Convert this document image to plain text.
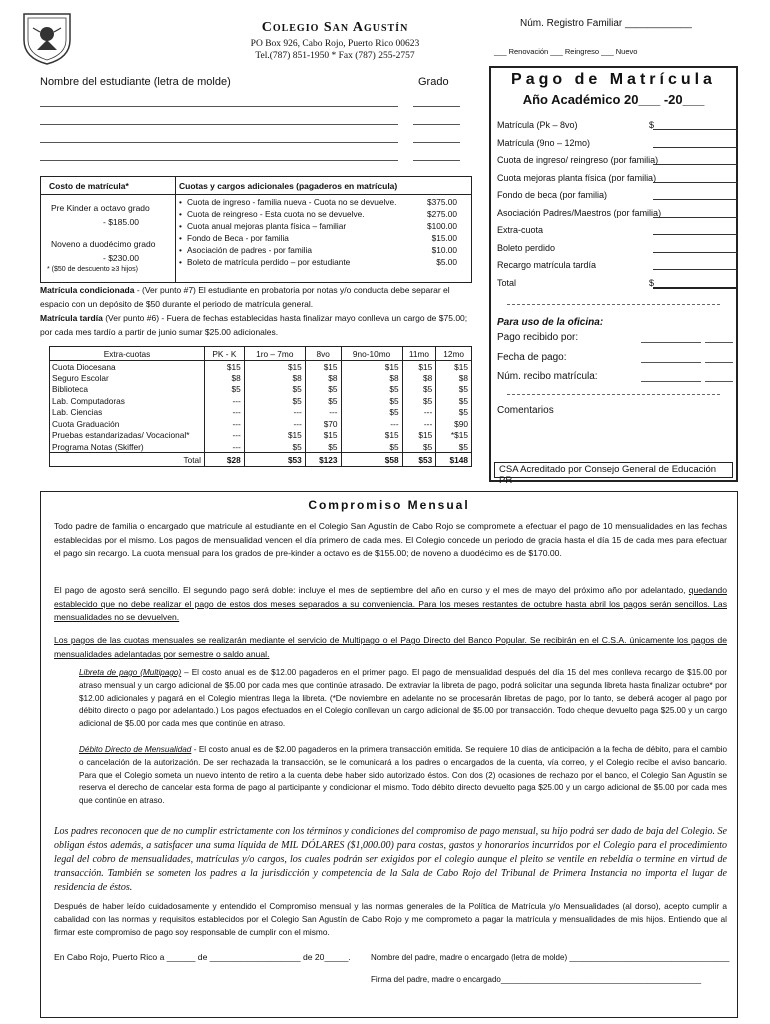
Colegio San Agustín
PO Box 926, Cabo Rojo, Puerto Rico 00623
Tel.(787) 851-1950 * Fax (787) 255-2757
Núm. Registro Familiar ____________
___ Renovación ___ Reingreso ___ Nuevo
Nombre del estudiante (letra de molde)	Grado
Costo de matrícula*	Cuotas y cargos adicionales (pagaderos en matrícula)
Pre Kinder a octavo grado
- $185.00
Noveno a duodécimo grado
- $230.00
* ($50 de descuento ≥3 hijos)
• Cuota de ingreso - familia nueva - Cuota no se devuelve.	$375.00
• Cuota de reingreso - Esta cuota no se devuelve.	$275.00
• Cuota anual mejoras planta física – familiar	$100.00
• Fondo de Beca - por familia	$15.00
• Asociación de padres - por familia	$10.00
• Boleto de matrícula perdido – por estudiante	$5.00
Matrícula condicionada - (Ver punto #7) El estudiante en probatoria por notas y/o conducta debe separar el espacio con un depósito de $50 durante el periodo de matrícula general.
Matrícula tardía (Ver punto #6) - Fuera de fechas establecidas hasta finalizar mayo conlleva un cargo de $75.00; por cada mes tardío a partir de junio sumar $25.00 adicionales.
Extra-cuotas	PK - K	1ro – 7mo	8vo	9no-10mo	11mo	12mo
Cuota Diocesana	$15	$15	$15	$15	$15	$15
Seguro Escolar	$8	$8	$8	$8	$8	$8
Biblioteca	$5	$5	$5	$5	$5	$5
Lab. Computadoras	---	$5	$5	$5	$5	$5
Lab. Ciencias	---	---	---	$5	---	$5
Cuota Graduación	---	---	$70	---	---	$90
Pruebas estandarizadas/ Vocacional*	---	$15	$15	$15	$15	*$15
Programa Notas (Skiffer)	---	$5	$5	$5	$5	$5
Total	$28	$53	$123	$58	$53	$148
Pago de Matrícula
Año Académico 20___ -20___
Matrícula (Pk – 8vo)	$
Matrícula (9no – 12mo)
Cuota de ingreso/ reingreso (por familia)
Cuota mejoras planta física (por familia)
Fondo de beca (por familia)
Asociación Padres/Maestros (por familia)
Extra-cuota
Boleto perdido
Recargo matrícula tardía
Total	$
Para uso de la oficina:
Pago recibido por:
Fecha de pago:
Núm. recibo matrícula:
Comentarios
CSA Acreditado por Consejo General de Educación PR
Compromiso Mensual
Todo padre de familia o encargado que matricule al estudiante en el Colegio San Agustín de Cabo Rojo se compromete a efectuar el pago de 10 mensualidades en las fechas establecidas por el mismo. Los pagos de mensualidad vencen el día primero de cada mes. El Colegio concede un periodo de gracia hasta el día 15 de cada mes para efectuar el pago sin recargo. La cuota mensual para los grados de pre-kinder a octavo es de $155.00; de noveno a duodécimo es de $170.00.
El pago de agosto será sencillo. El segundo pago será doble: incluye el mes de septiembre del año en curso y el mes de mayo del próximo año por adelantado, quedando establecido que no debe realizar el pago de estos dos meses separados a su conveniencia. Para los meses restantes de octubre hasta abril los pagos serán sencillos. Las mensualidades no se devuelven.
Los pagos de las cuotas mensuales se realizarán mediante el servicio de Multipago o el Pago Directo del Banco Popular. Se recibirán en el C.S.A. únicamente los pagos de mensualidades adelantadas por semestre o saldo anual.
Libreta de pago (Multipago) – El costo anual es de $12.00 pagaderos en el primer pago. El pago de mensualidad después del día 15 del mes conlleva recargo de $15.00 por atraso mensual y un cargo adicional de $5.00 por cada mes que continúe atrasado. De extraviar la libreta de pago, podrá solicitar una segunda libreta hasta finalizar octubre* por $12.00 adicionales y pagará en el Colegio mientras llega la libreta. (*De noviembre en adelante no se procesarán libretas de pago, por lo tanto, se deberá acoger al pago por débito directo o pago por adelantado.) Los pagos efectuados en el Colegio conllevan un cargo adicional de $5.00 por transacción. Todo cheque devuelto paga $25.00 y un cargo adicional de $5.00 por cada mes que continúe en atraso.
Débito Directo de Mensualidad - El costo anual es de $2.00 pagaderos en la primera transacción emitida. Se requiere 10 días de anticipación a la fecha de débito, para el cambio o cancelación de la autorización. De ser rechazada la transacción, se le comunicará a los padres o encargados de la cuenta, vía correo, y el Colegio recibe el aviso bancario. Para que el Colegio someta un nuevo intento de retiro a la cuenta debe haber sido autorizado éstos. Con dos (2) ocasiones de rechazo por el banco, el Colegio San Agustín se reserva el derecho de cancelar esta forma de pago al participante y condicionar el mismo. Todo débito directo devuelto paga $25.00 y un cargo adicional de $5.00 por cada mes que continúe en atraso.
Los padres reconocen que de no cumplir estrictamente con los términos y condiciones del compromiso de pago mensual, su hijo podrá ser dado de baja del Colegio. Se obligan éstos además, a satisfacer una suma líquida de MIL DÓLARES ($1,000.00) para costas, gastos y honorarios incurridos por el Colegio para el procedimiento legal del cobro de mensualidades, matrículas y/o cargos, los cuales podrán ser exigidos por el colegio aunque el pleito se ventile en rebeldía o termine en virtud de transacción. También se someten los padres a la jurisdicción y competencia de la Sala de Cabo Rojo del Tribunal de Primera Instancia no importa el lugar de residencia de éstos.
Después de haber leído cuidadosamente y entendido el Compromiso mensual y las normas generales de la Política de Matrícula y/o Mensualidades (al dorso), acepto cumplir a cabalidad con las normas y requisitos establecidos por el Colegio San Agustín de Cabo Rojo y me comprometo a pagar la matrícula y mensualidades de mis hijos. Entiendo que al firmar este compromiso de pago soy responsable de cumplir con el mismo.
En Cabo Rojo, Puerto Rico a ______ de ___________________ de 20_____.	Nombre del padre, madre o encargado (letra de molde) ____________________________________
Firma del padre, madre o encargado_____________________________________________
